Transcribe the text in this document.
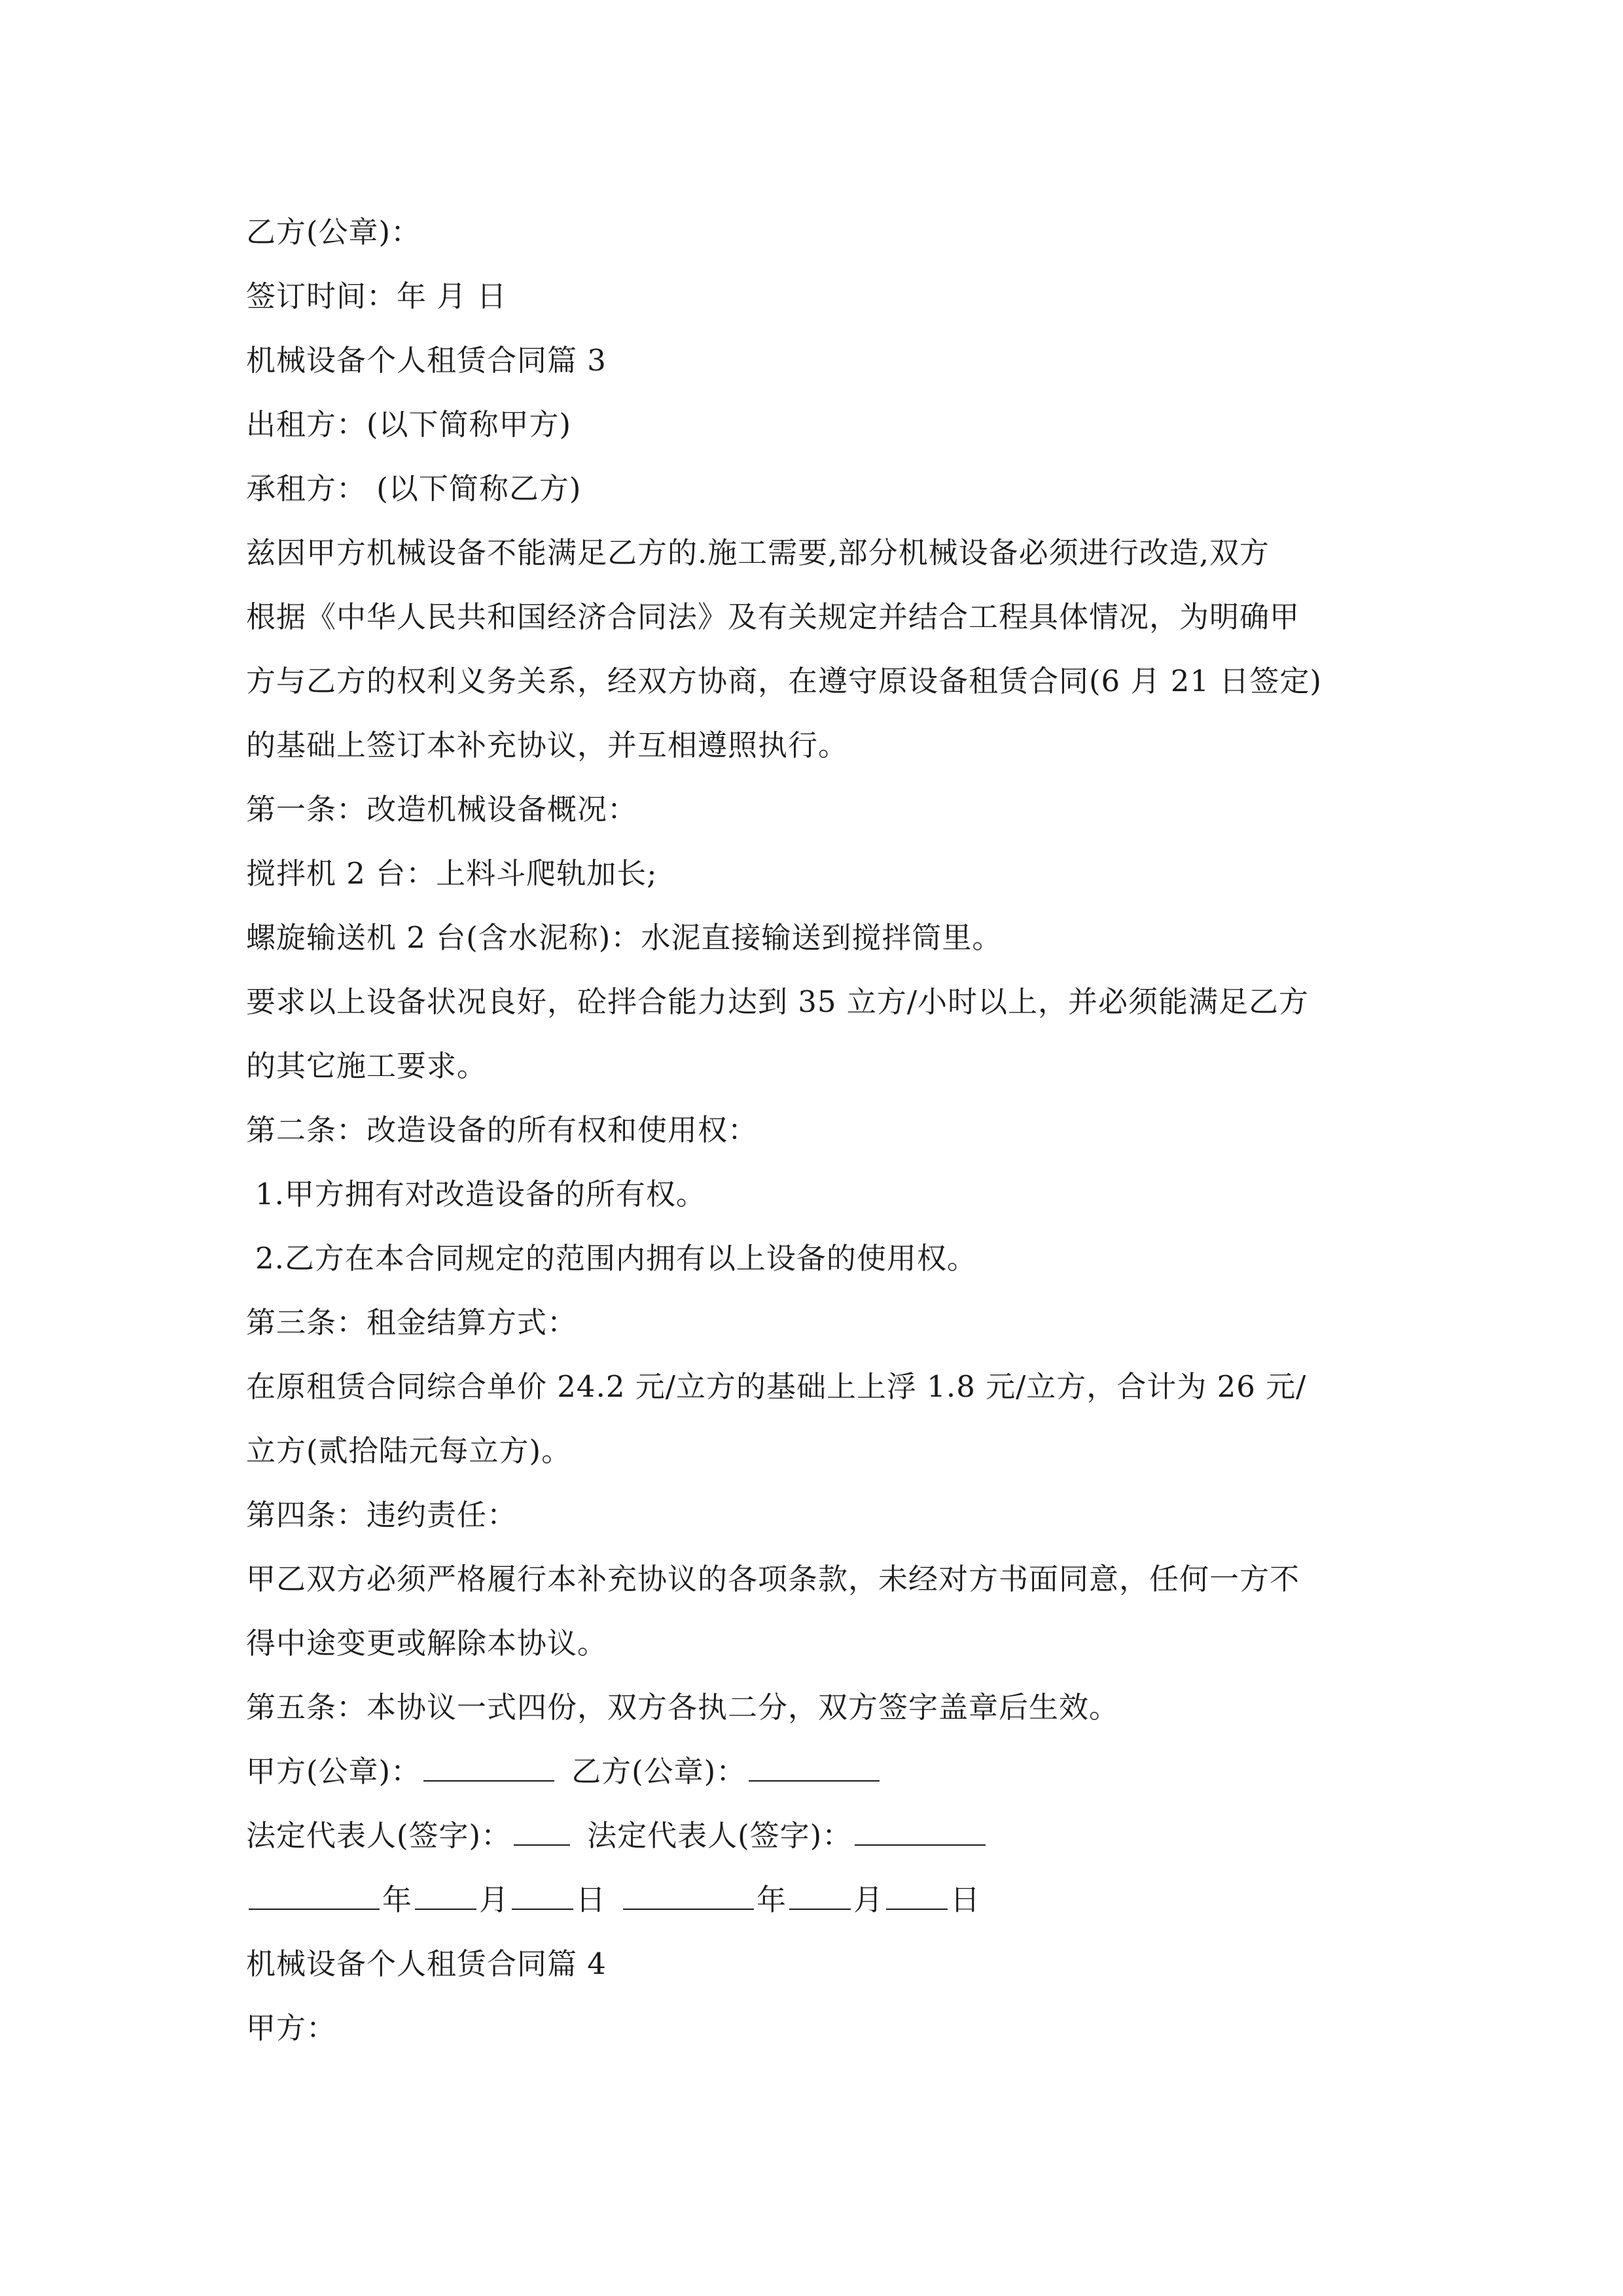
乙方(公章)：
签订时间：年 月 日
机械设备个人租赁合同篇 3
出租方：(以下简称甲方)
承租方： (以下简称乙方)
兹因甲方机械设备不能满足乙方的.施工需要,部分机械设备必须进行改造,双方
根据《中华人民共和国经济合同法》及有关规定并结合工程具体情况，为明确甲
方与乙方的权利义务关系，经双方协商，在遵守原设备租赁合同(6 月 21 日签定)
的基础上签订本补充协议，并互相遵照执行。
第一条：改造机械设备概况：
搅拌机 2 台：上料斗爬轨加长;
螺旋输送机 2 台(含水泥称)：水泥直接输送到搅拌筒里。
要求以上设备状况良好，砼拌合能力达到 35 立方/小时以上，并必须能满足乙方
的其它施工要求。
第二条：改造设备的所有权和使用权：
1.甲方拥有对改造设备的所有权。
2.乙方在本合同规定的范围内拥有以上设备的使用权。
第三条：租金结算方式：
在原租赁合同综合单价 24.2 元/立方的基础上上浮 1.8 元/立方，合计为 26 元/
立方(贰拾陆元每立方)。
第四条：违约责任：
甲乙双方必须严格履行本补充协议的各项条款，未经对方书面同意，任何一方不
得中途变更或解除本协议。
第五条：本协议一式四份，双方各执二分，双方签字盖章后生效。
甲方(公章)：	乙方(公章)：
法定代表人(签字)：	法定代表人(签字)：
年 月 日	年 月 日
机械设备个人租赁合同篇 4
甲方：
